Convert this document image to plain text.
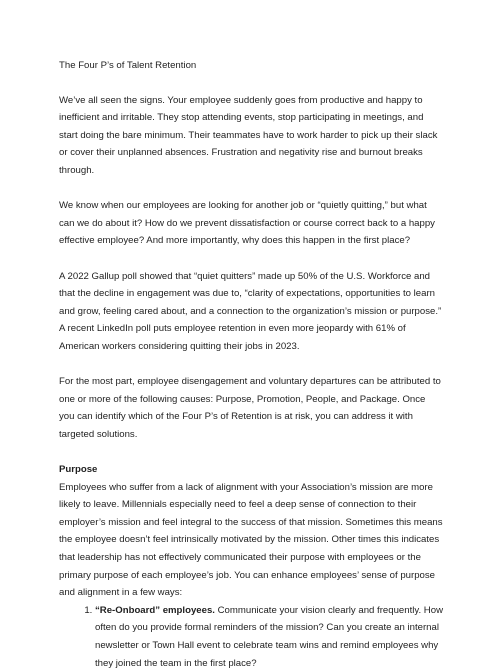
The Four P’s of Talent Retention

We’ve all seen the signs. Your employee suddenly goes from productive and happy to inefficient and irritable. They stop attending events, stop participating in meetings, and start doing the bare minimum. Their teammates have to work harder to pick up their slack or cover their unplanned absences. Frustration and negativity rise and burnout breaks through.

We know when our employees are looking for another job or “quietly quitting,” but what can we do about it? How do we prevent dissatisfaction or course correct back to a happy effective employee? And more importantly, why does this happen in the first place?

A 2022 Gallup poll showed that “quiet quitters” made up 50% of the U.S. Workforce and that the decline in engagement was due to, “clarity of expectations, opportunities to learn and grow, feeling cared about, and a connection to the organization’s mission or purpose.” A recent LinkedIn poll puts employee retention in even more jeopardy with 61% of American workers considering quitting their jobs in 2023.

For the most part, employee disengagement and voluntary departures can be attributed to one or more of the following causes: Purpose, Promotion, People, and Package. Once you can identify which of the Four P’s of Retention is at risk, you can address it with targeted solutions.

Purpose
Employees who suffer from a lack of alignment with your Association’s mission are more likely to leave. Millennials especially need to feel a deep sense of connection to their employer’s mission and feel integral to the success of that mission. Sometimes this means the employee doesn’t feel intrinsically motivated by the mission. Other times this indicates that leadership has not effectively communicated their purpose with employees or the primary purpose of each employee’s job. You can enhance employees’ sense of purpose and alignment in a few ways:
1. “Re-Onboard” employees. Communicate your vision clearly and frequently. How often do you provide formal reminders of the mission? Can you create an internal newsletter or Town Hall event to celebrate team wins and remind employees why they joined the team in the first place?
